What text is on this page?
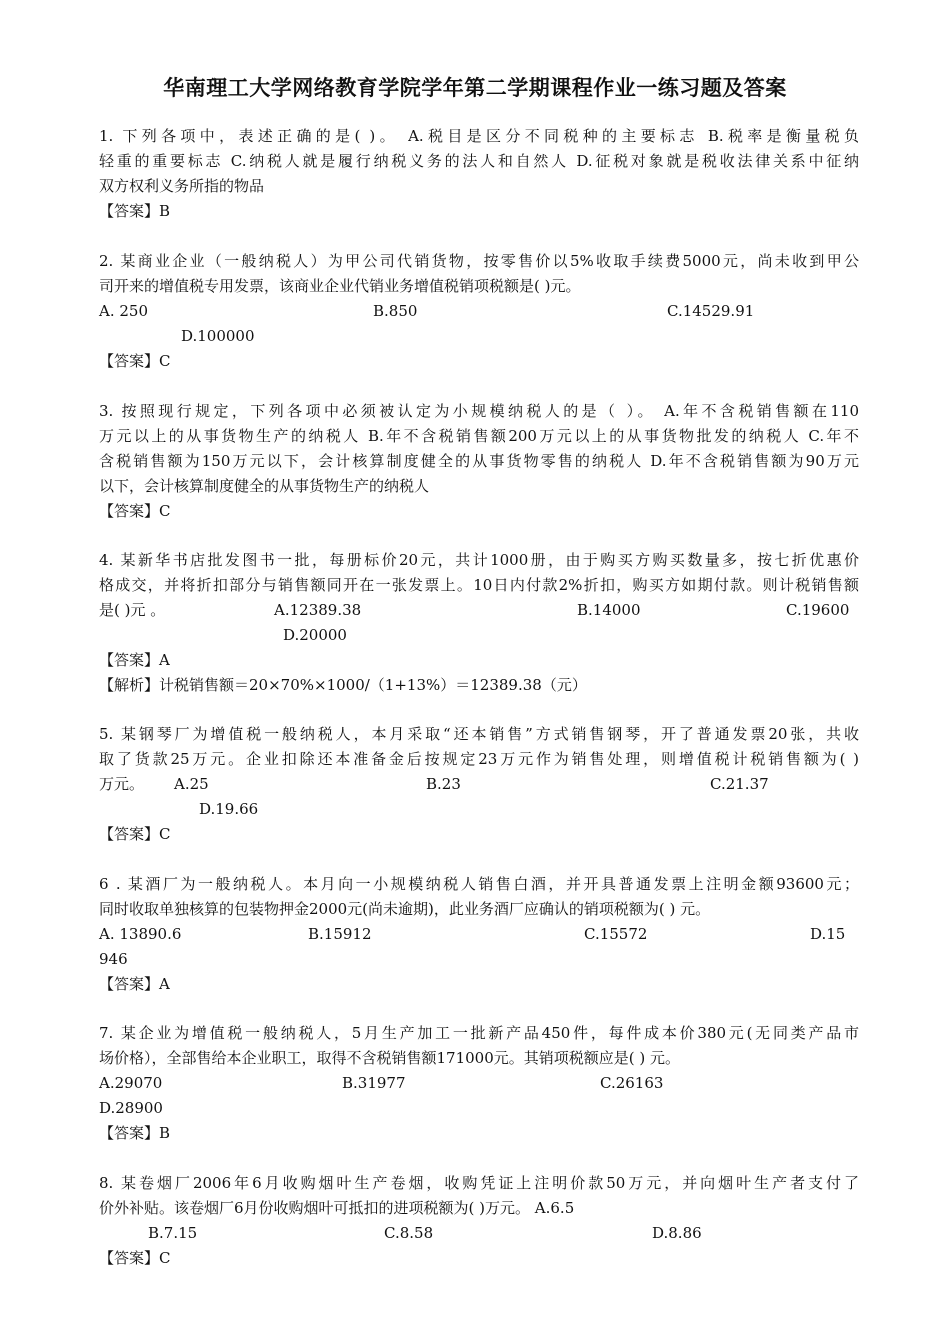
华南理工大学网络教育学院学年第二学期课程作业一练习题及答案
1. 下列各项中，表述正确的是( )。 A.税目是区分不同税种的主要标志 B.税率是衡量税负
轻重的重要标志 C.纳税人就是履行纳税义务的法人和自然人 D.征税对象就是税收法律关系中征纳
双方权利义务所指的物品
【答案】B
2. 某商业企业（一般纳税人）为甲公司代销货物，按零售价以5%收取手续费5000元，尚未收到甲公
司开来的增值税专用发票，该商业企业代销业务增值税销项税额是( )元。
A. 250	B.850	C.14529.91
D.100000
【答案】C
3. 按照现行规定，下列各项中必须被认定为小规模纳税人的是（ ）。 A.年不含税销售额在110
万元以上的从事货物生产的纳税人 B.年不含税销售额200万元以上的从事货物批发的纳税人 C.年不
含税销售额为150万元以下，会计核算制度健全的从事货物零售的纳税人 D.年不含税销售额为90万元
以下，会计核算制度健全的从事货物生产的纳税人
【答案】C
4. 某新华书店批发图书一批，每册标价20元，共计1000册，由于购买方购买数量多，按七折优惠价
格成交，并将折扣部分与销售额同开在一张发票上。10日内付款2%折扣，购买方如期付款。则计税销售额
是( )元 。	A.12389.38	B.14000	C.19600
D.20000
【答案】A
【解析】计税销售额＝20×70%×1000/（1+13%）＝12389.38（元）
5. 某钢琴厂为增值税一般纳税人，本月采取“还本销售”方式销售钢琴，开了普通发票20张，共收
取了货款25万元。企业扣除还本准备金后按规定23万元作为销售处理，则增值税计税销售额为( )
万元。 A.25	B.23	C.21.37
D.19.66
【答案】C
6 . 某酒厂为一般纳税人。本月向一小规模纳税人销售白酒，并开具普通发票上注明金额93600元；
同时收取单独核算的包装物押金2000元(尚未逾期)，此业务酒厂应确认的销项税额为( ) 元。
A. 13890.6	B.15912	C.15572	D.15
946
【答案】A
7. 某企业为增值税一般纳税人，5月生产加工一批新产品450件，每件成本价380元(无同类产品市
场价格），全部售给本企业职工，取得不含税销售额171000元。其销项税额应是( ) 元。
A.29070	B.31977	C.26163
D.28900
【答案】B
8. 某卷烟厂2006年6月收购烟叶生产卷烟，收购凭证上注明价款50万元，并向烟叶生产者支付了
价外补贴。该卷烟厂6月份收购烟叶可抵扣的进项税额为( )万元。 A.6.5
B.7.15	C.8.58	D.8.86
【答案】C
